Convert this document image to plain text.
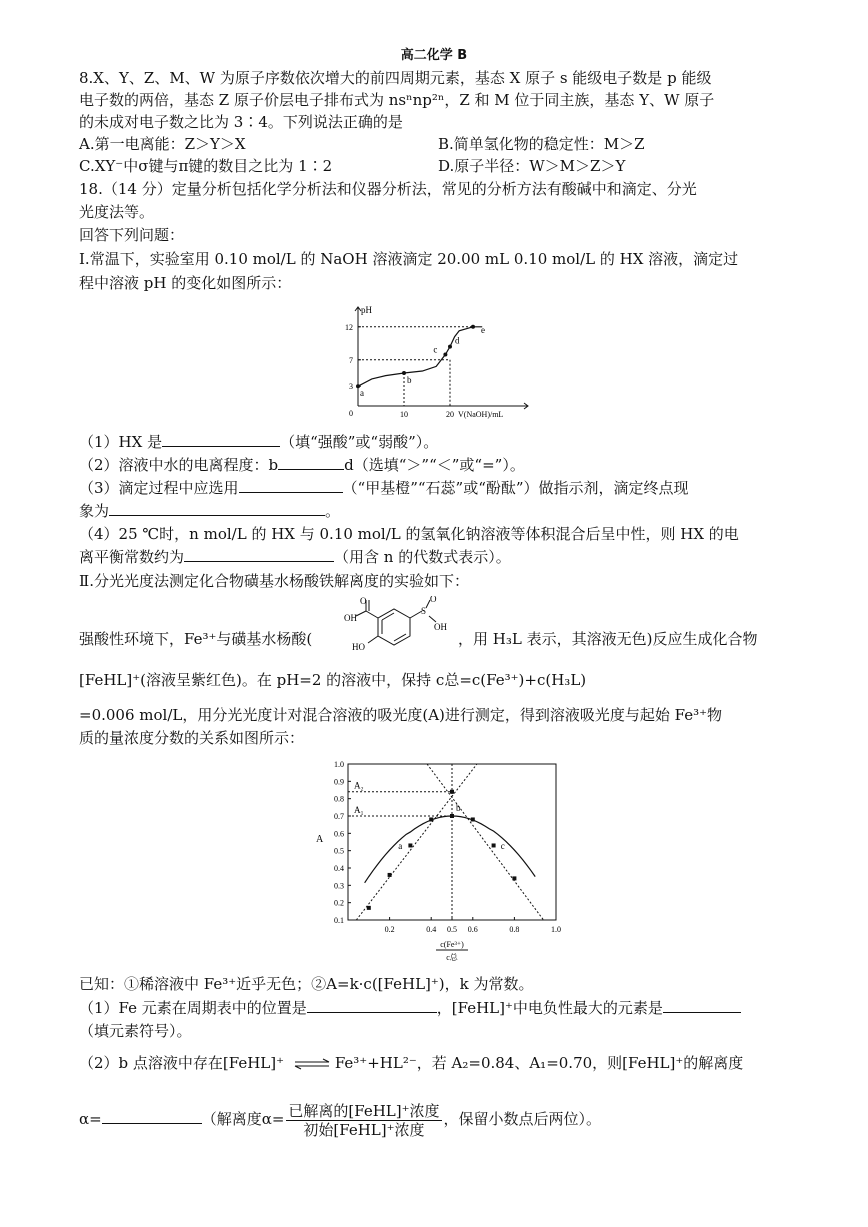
高二化学 B
8.X、Y、Z、M、W 为原子序数依次增大的前四周期元素，基态 X 原子 s 能级电子数是 p 能级
电子数的两倍，基态 Z 原子价层电子排布式为 nsⁿnp²ⁿ，Z 和 M 位于同主族，基态 Y、W 原子
的未成对电子数之比为 3∶4。下列说法正确的是
A.第一电离能：Z＞Y＞X	B.简单氢化物的稳定性：M＞Z
C.XY⁻中σ键与π键的数目之比为 1∶2	D.原子半径：W＞M＞Z＞Y
18.（14 分）定量分析包括化学分析法和仪器分析法，常见的分析方法有酸碱中和滴定、分光
光度法等。
回答下列问题：
Ⅰ.常温下，实验室用 0.10 mol/L 的 NaOH 溶液滴定 20.00 mL 0.10 mol/L 的 HX 溶液，滴定过
程中溶液 pH 的变化如图所示：
pH
V(NaOH)/mL
3
7
12
0	10	20
a
b
c
d
e
（1）HX 是	（填“强酸”或“弱酸”）。
（2）溶液中水的电离程度：b	d（选填“＞”“＜”或“=”）。
（3）滴定过程中应选用	（“甲基橙”“石蕊”或“酚酞”）做指示剂，滴定终点现
象为	。
（4）25 ℃时，n mol/L 的 HX 与 0.10 mol/L 的氢氧化钠溶液等体积混合后呈中性，则 HX 的电
离平衡常数约为	（用含 n 的代数式表示）。
Ⅱ.分光光度法测定化合物磺基水杨酸铁解离度的实验如下：
O
OH
HO
S
O
OH
强酸性环境下，Fe³⁺与磺基水杨酸(	，用 H₃L 表示，其溶液无色)反应生成化合物
[FeHL]⁺(溶液呈紫红色)。在 pH=2 的溶液中，保持 c总=c(Fe³⁺)+c(H₃L)
=0.006 mol/L，用分光光度计对混合溶液的吸光度(A)进行测定，得到溶液吸光度与起始 Fe³⁺物
质的量浓度分数的关系如图所示：
0.1
0.2
0.3
0.4
0.5
0.6
0.7
0.8
0.9
1.0
0.2	0.4 0.5 0.6	0.8	1.0
A
c(Fe³⁺)
c总
A₂
A₁
a
b
c
已知：①稀溶液中 Fe³⁺近乎无色；②A=k·c([FeHL]⁺)，k 为常数。
（1）Fe 元素在周期表中的位置是	，[FeHL]⁺中电负性最大的元素是
（填元素符号）。
（2）b 点溶液中存在[FeHL]⁺ ⇌ Fe³⁺+HL²⁻，若 A₂=0.84、A₁=0.70，则[FeHL]⁺的解离度
α=	（解离度$\alpha= \frac{\text{已解离的[FeHL]⁺浓度}}{\text{初始[FeHL]⁺浓度}}$ ，保留小数点后两位）。
